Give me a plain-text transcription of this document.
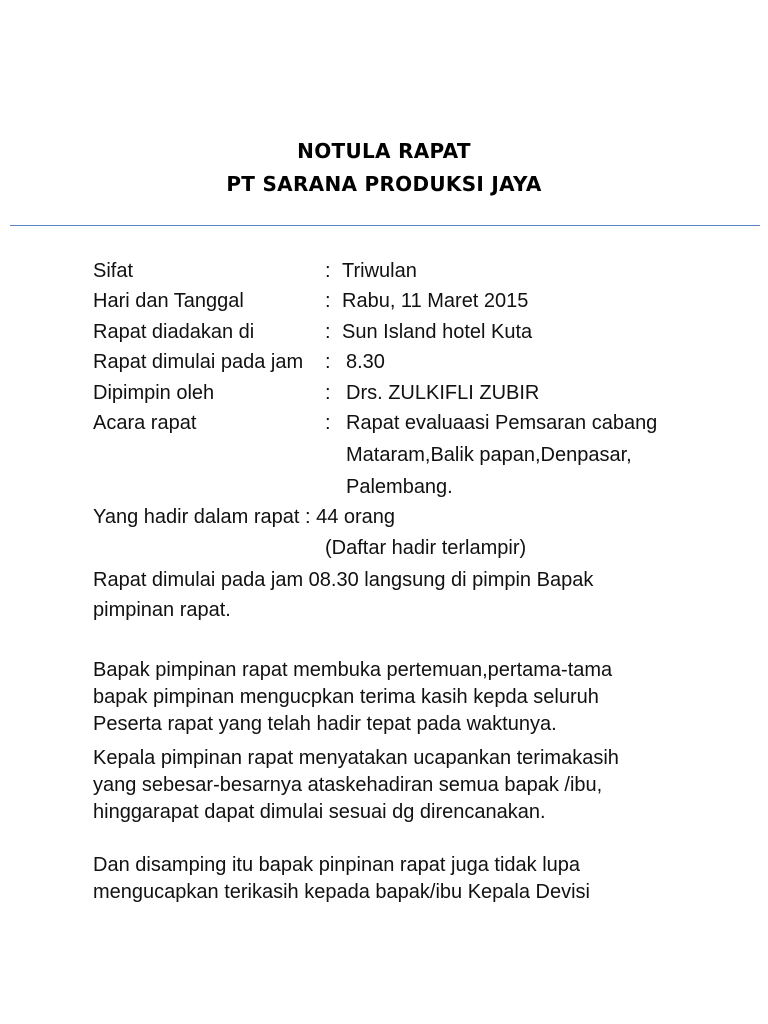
NOTULA RAPAT
PT SARANA PRODUKSI JAYA
Sifat	: Triwulan
Hari dan Tanggal	: Rabu, 11 Maret 2015
Rapat diadakan di	: Sun Island hotel Kuta
Rapat dimulai pada jam : 8.30
Dipimpin oleh	: Drs. ZULKIFLI ZUBIR
Acara rapat	: Rapat evaluaasi Pemsaran cabang
Mataram,Balik papan,Denpasar,
Palembang.
Yang hadir dalam rapat : 44 orang
(Daftar hadir terlampir)
Rapat dimulai pada jam 08.30 langsung di pimpin Bapak
pimpinan rapat.
Bapak pimpinan rapat membuka pertemuan,pertama-tama
bapak pimpinan mengucpkan terima kasih kepda seluruh
Peserta rapat yang telah hadir tepat pada waktunya.
Kepala pimpinan rapat menyatakan ucapankan terimakasih
yang sebesar-besarnya ataskehadiran semua bapak /ibu,
hinggarapat dapat dimulai sesuai dg direncanakan.
Dan disamping itu bapak pinpinan rapat juga tidak lupa
mengucapkan terikasih kepada bapak/ibu Kepala Devisi
